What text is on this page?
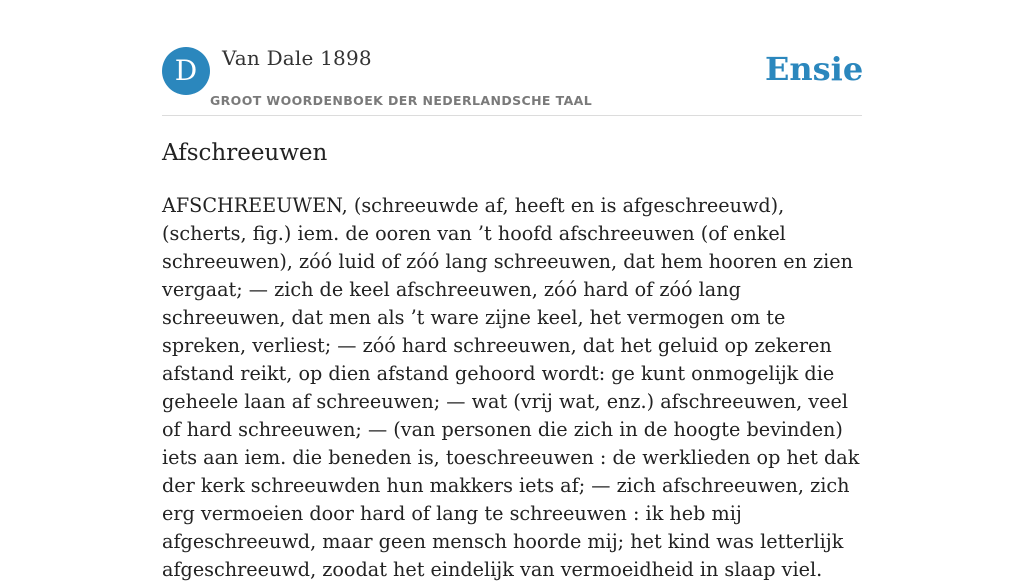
D	Van Dale 1898
GROOT WOORDENBOEK DER NEDERLANDSCHE TAAL
Ensie
Afschreeuwen

AFSCHREEUWEN, (schreeuwde af, heeft en is afgeschreeuwd), (scherts, fig.) iem. de ooren van ’t hoofd afschreeuwen (of enkel schreeuwen), zóó luid of zóó lang schreeuwen, dat hem hooren en zien vergaat; — zich de keel afschreeuwen, zóó hard of zóó lang schreeuwen, dat men als ’t ware zijne keel, het vermogen om te spreken, verliest; — zóó hard schreeuwen, dat het geluid op zekeren afstand reikt, op dien afstand gehoord wordt: ge kunt onmogelijk die geheele laan af schreeuwen; — wat (vrij wat, enz.) afschreeuwen, veel of hard schreeuwen; — (van personen die zich in de hoogte bevinden) iets aan iem. die beneden is, toeschreeuwen : de werklieden op het dak der kerk schreeuwden hun makkers iets af; — zich afschreeuwen, zich erg vermoeien door hard of lang te schreeuwen : ik heb mij afgeschreeuwd, maar geen mensch hoorde mij; het kind was letterlijk afgeschreeuwd, zoodat het eindelijk van vermoeidheid in slaap viel.
